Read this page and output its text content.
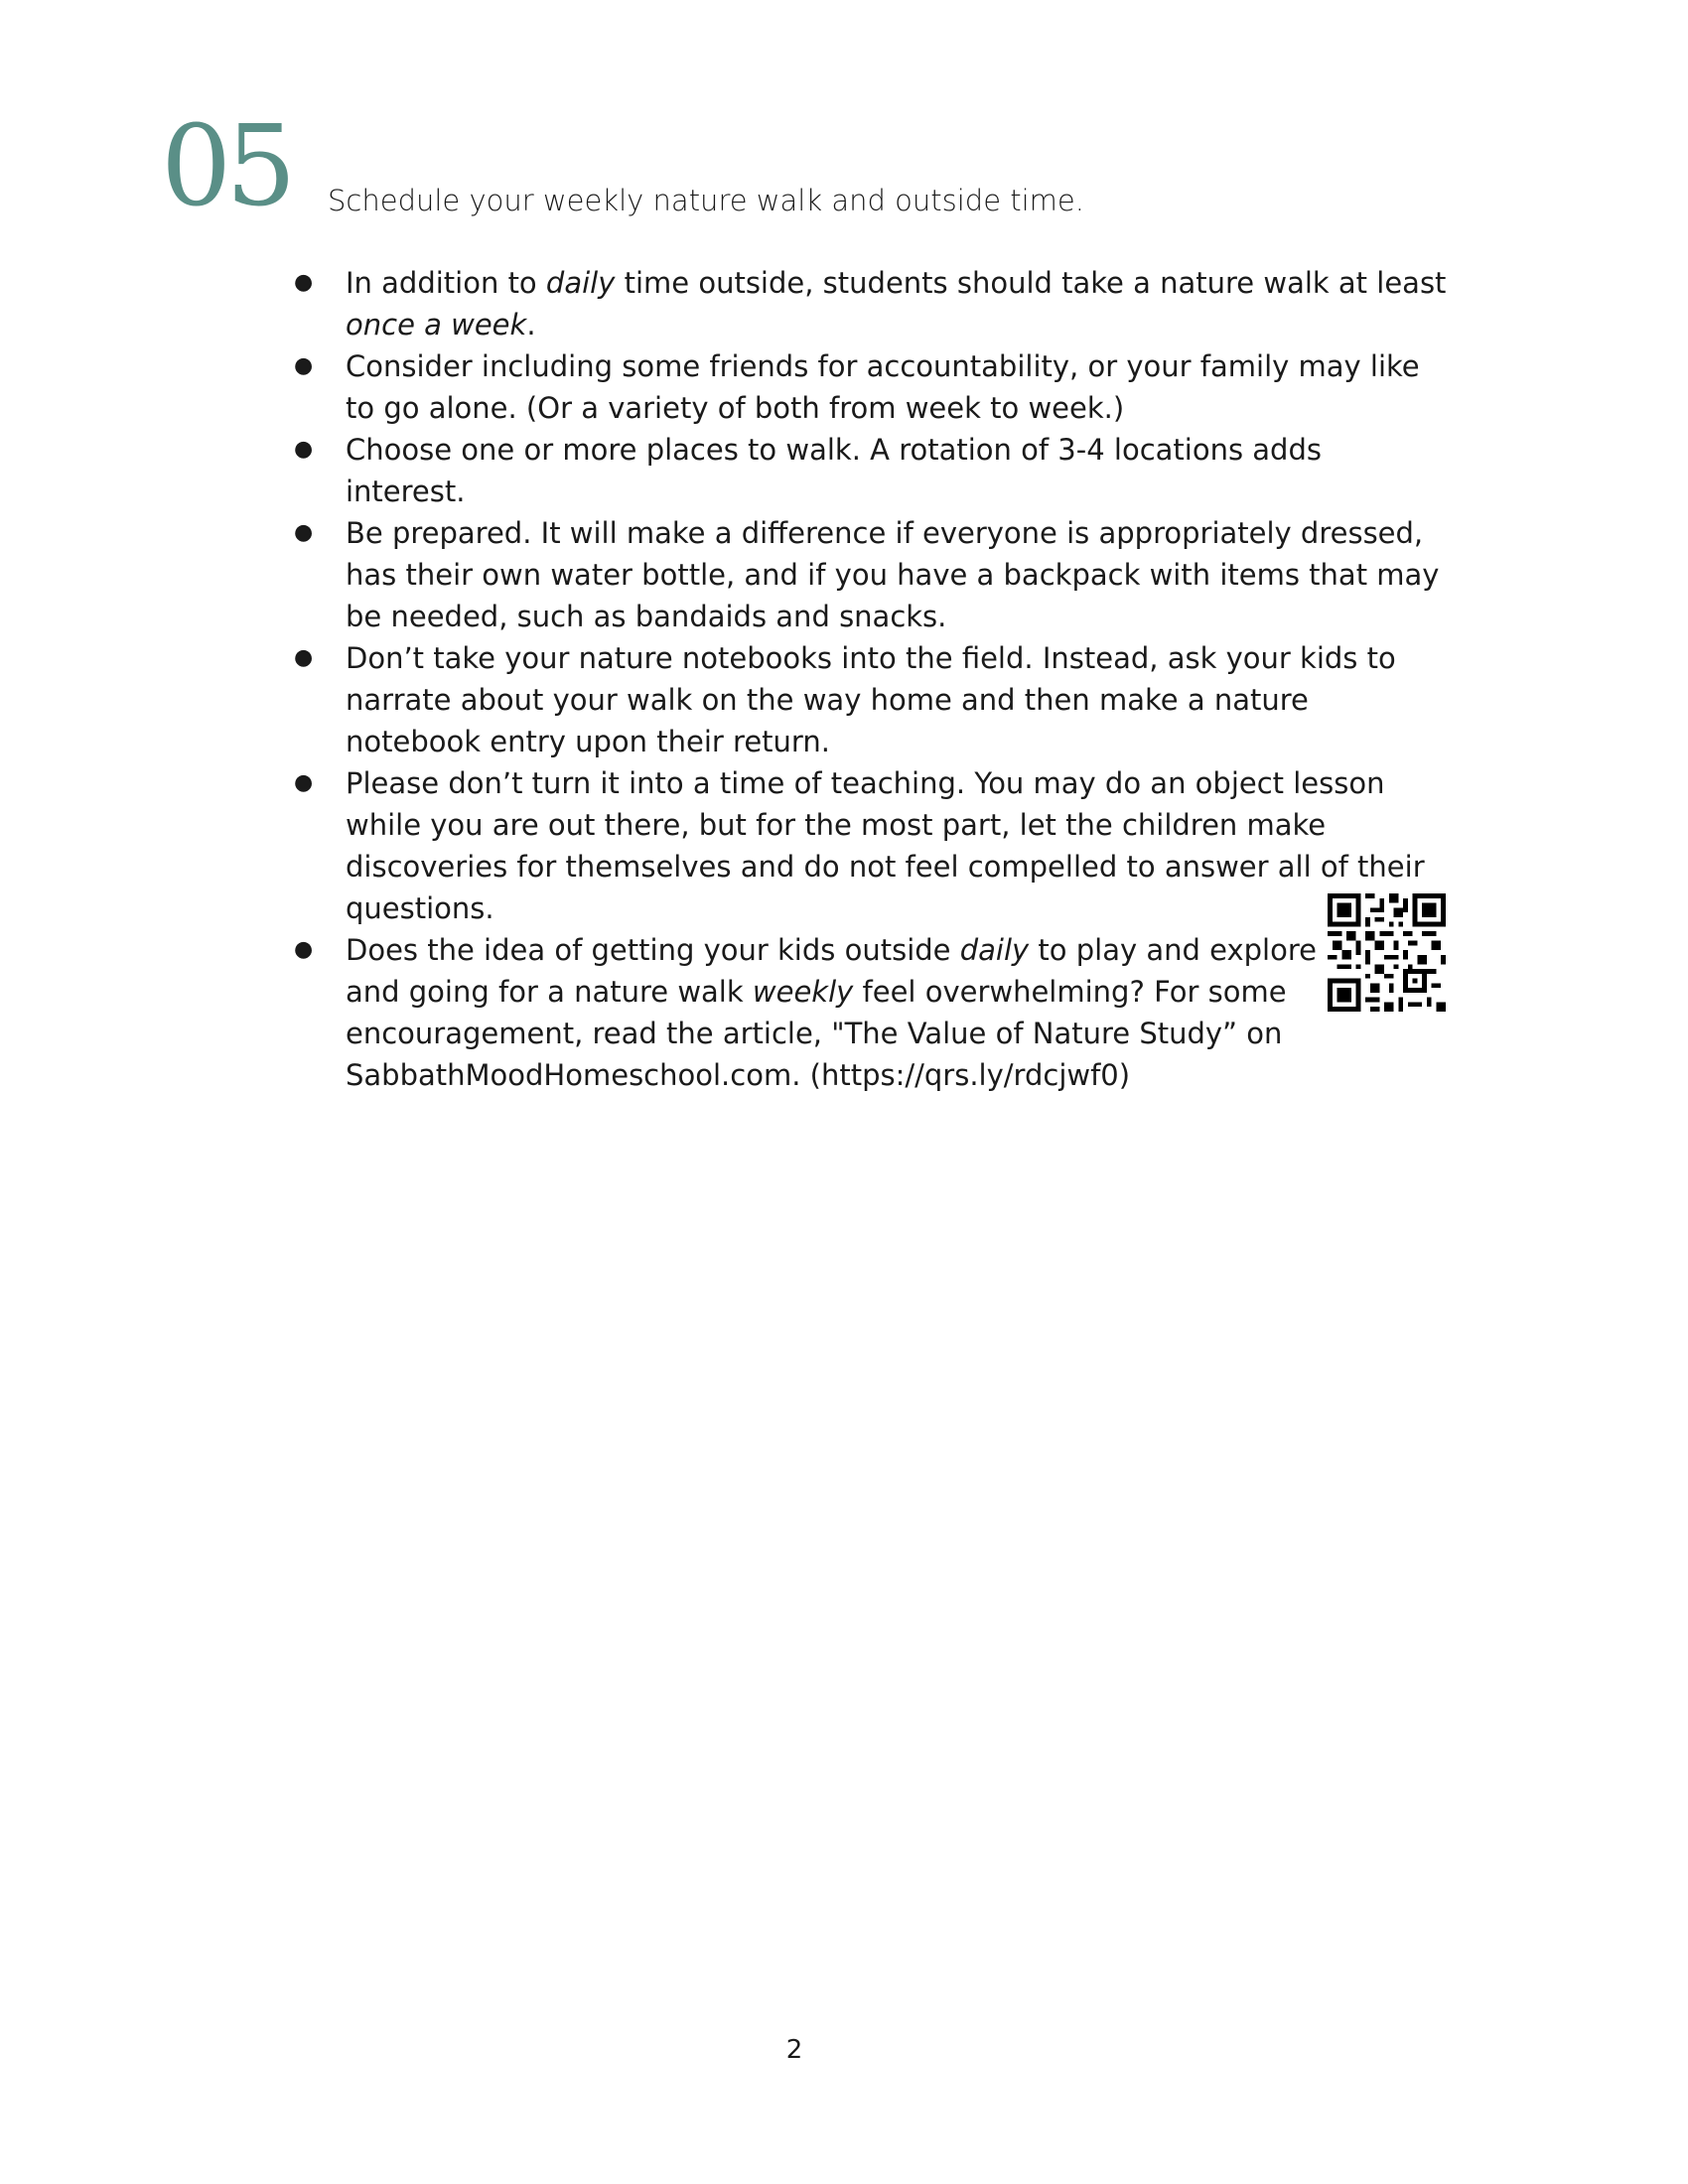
05 Schedule your weekly nature walk and outside time.
● In addition to daily time outside, students should take a nature walk at least once a week.
● Consider including some friends for accountability, or your family may like to go alone. (Or a variety of both from week to week.)
● Choose one or more places to walk. A rotation of 3-4 locations adds interest.
● Be prepared. It will make a difference if everyone is appropriately dressed, has their own water bottle, and if you have a backpack with items that may be needed, such as bandaids and snacks.
● Don’t take your nature notebooks into the field. Instead, ask your kids to narrate about your walk on the way home and then make a nature notebook entry upon their return.
● Please don’t turn it into a time of teaching. You may do an object lesson while you are out there, but for the most part, let the children make discoveries for themselves and do not feel compelled to answer all of their questions.
● Does the idea of getting your kids outside daily to play and explore and going for a nature walk weekly feel overwhelming? For some encouragement, read the article, "The Value of Nature Study” on SabbathMoodHomeschool.com. (https://qrs.ly/rdcjwf0)
2
